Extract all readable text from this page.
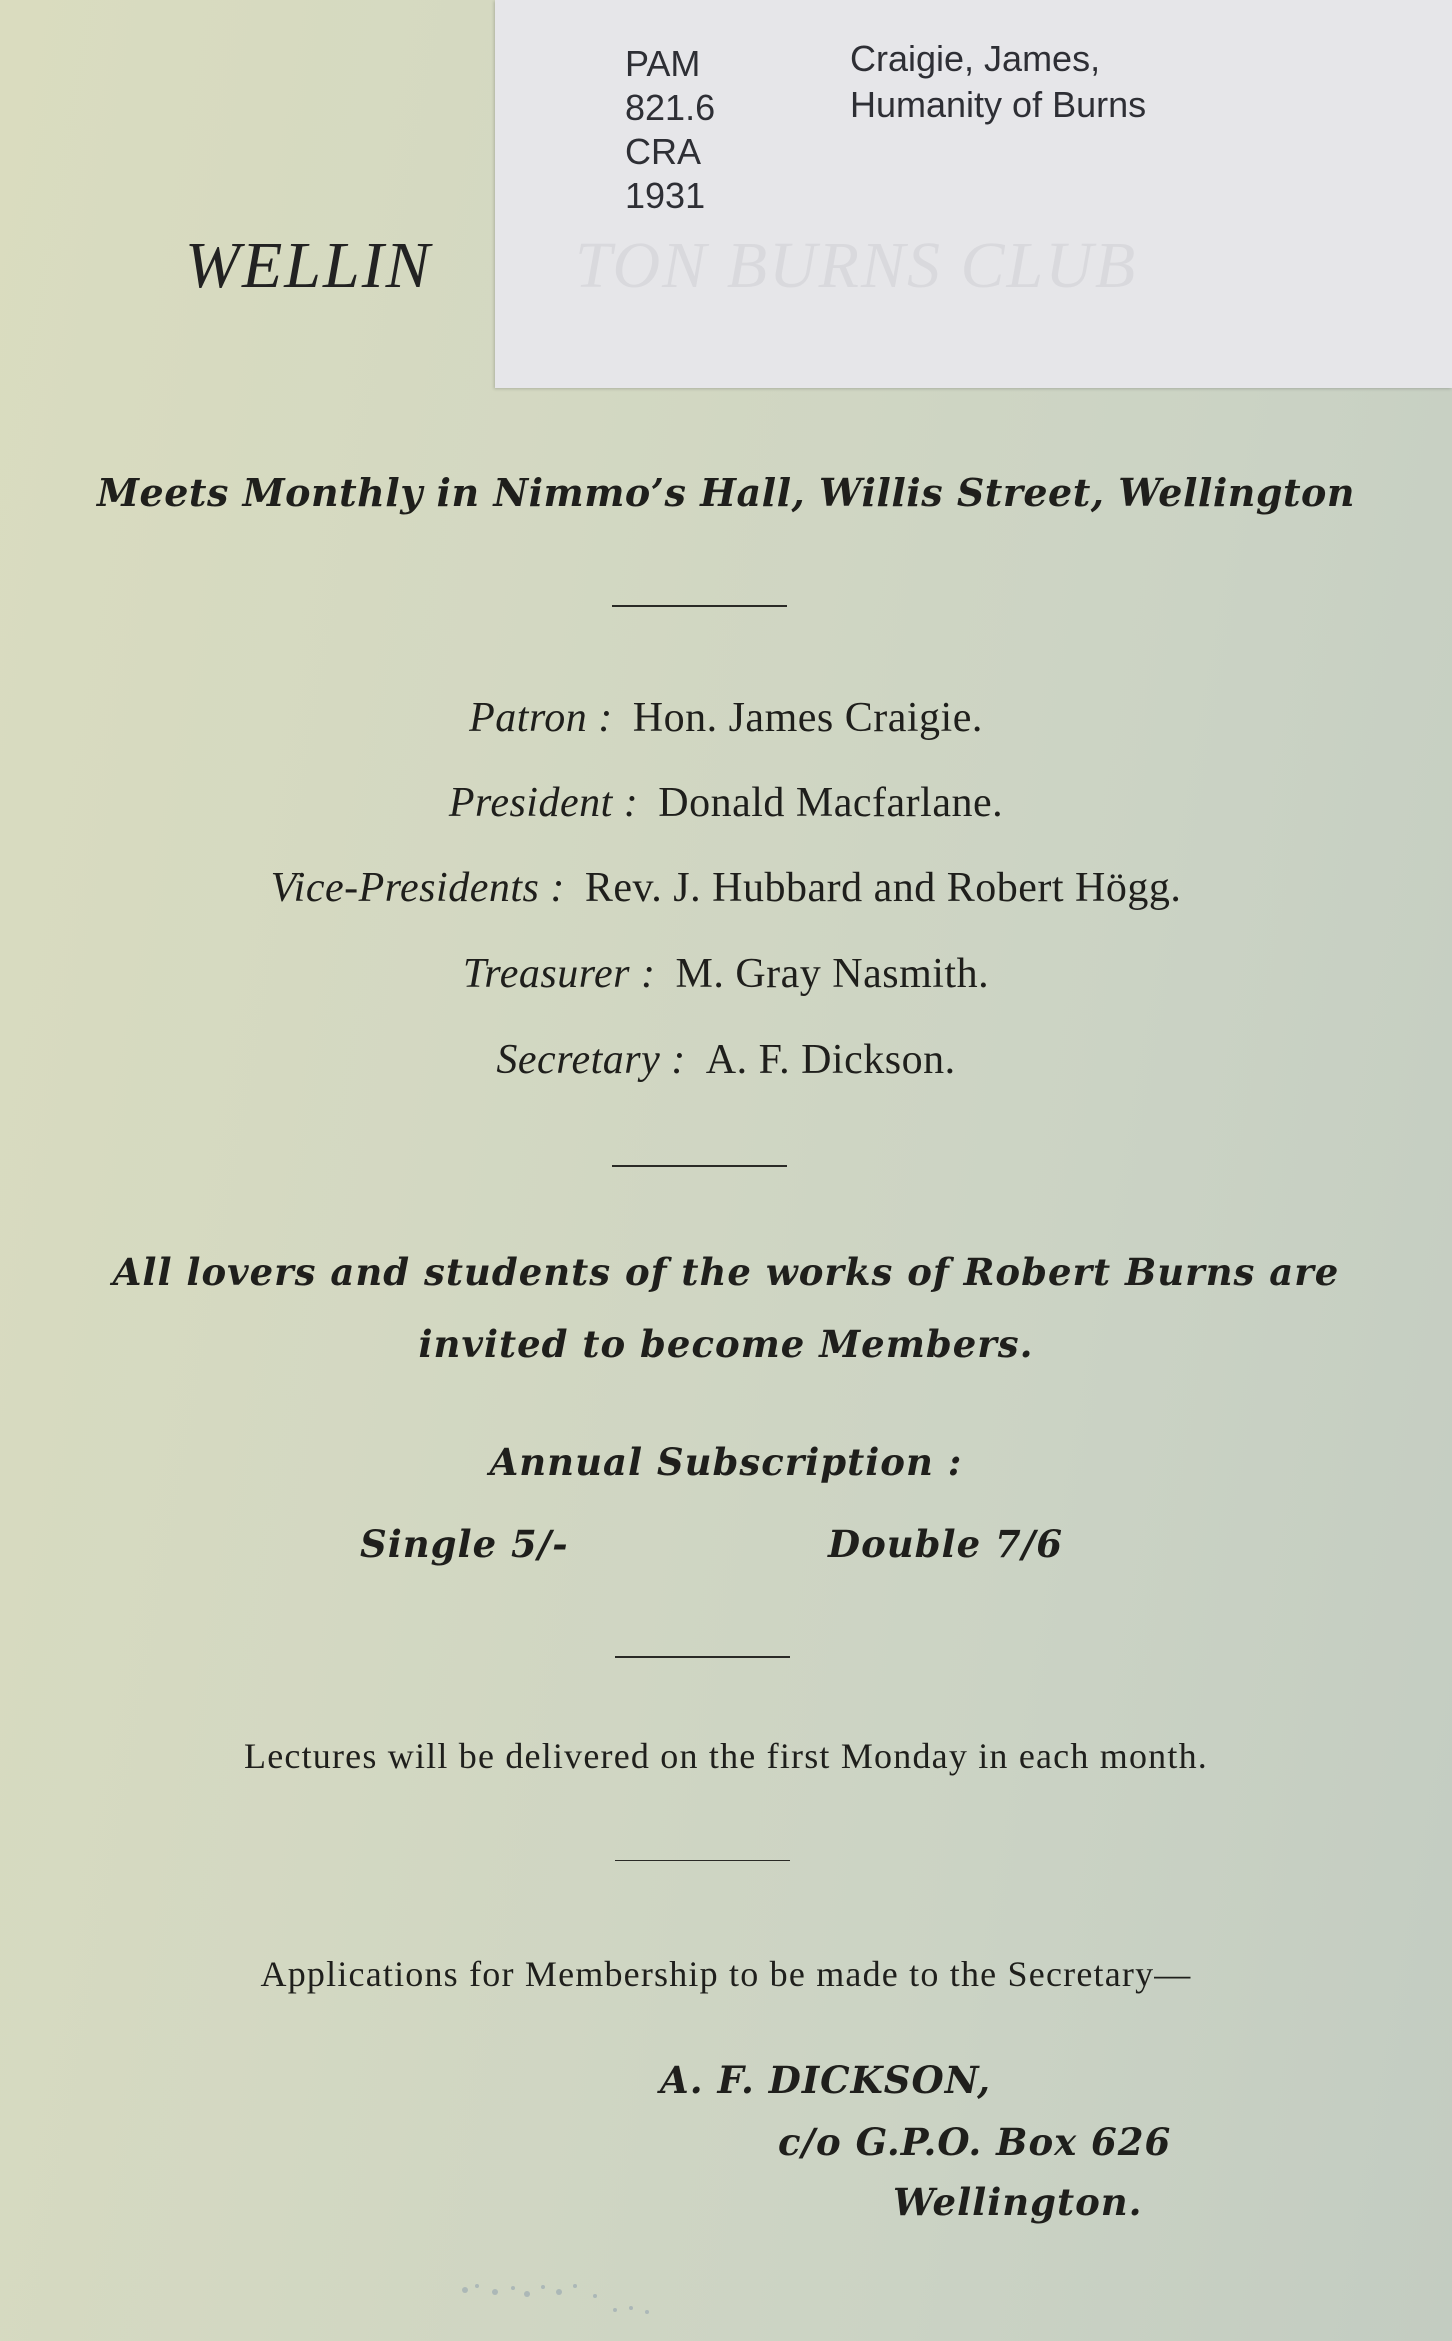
WELLIN TON BURNS CLUB
PAM
821.6
CRA
1931
Craigie, James,
Humanity of Burns
Meets Monthly in Nimmo’s Hall, Willis Street, Wellington
Patron : Hon. James Craigie.
President : Donald Macfarlane.
Vice-Presidents : Rev. J. Hubbard and Robert Högg.
Treasurer : M. Gray Nasmith.
Secretary : A. F. Dickson.
All lovers and students of the works of Robert Burns are
invited to become Members.
Annual Subscription :
Single 5/-	Double 7/6
Lectures will be delivered on the first Monday in each month.
Applications for Membership to be made to the Secretary—
A. F. DICKSON,
c/o G.P.O. Box 626
Wellington.
